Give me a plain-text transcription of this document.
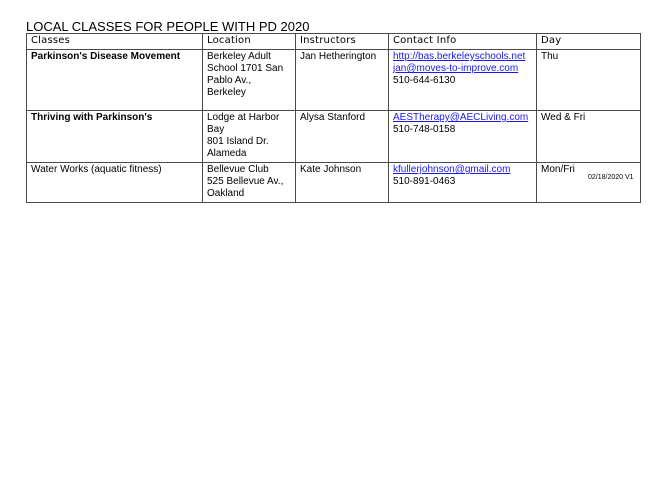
LOCAL CLASSES FOR PEOPLE WITH PD 2020
Classes	Location	Instructors	Contact Info	Day
Parkinson's Disease Movement	Berkeley Adult
School 1701 San
Pablo Av.,
Berkeley	Jan Hetherington	http://bas.berkeleyschools.net
jan@moves-to-improve.com
510-644-6130	Thu
Thriving with Parkinson's	Lodge at Harbor
Bay
801 Island Dr.
Alameda	Alysa Stanford	AESTherapy@AECLiving.com
510-748-0158	Wed & Fri
Water Works (aquatic fitness)	Bellevue Club
525 Bellevue Av.,
Oakland	Kate Johnson	kfullerjohnson@gmail.com
510-891-0463	Mon/Fri
02/18/2020 V1
